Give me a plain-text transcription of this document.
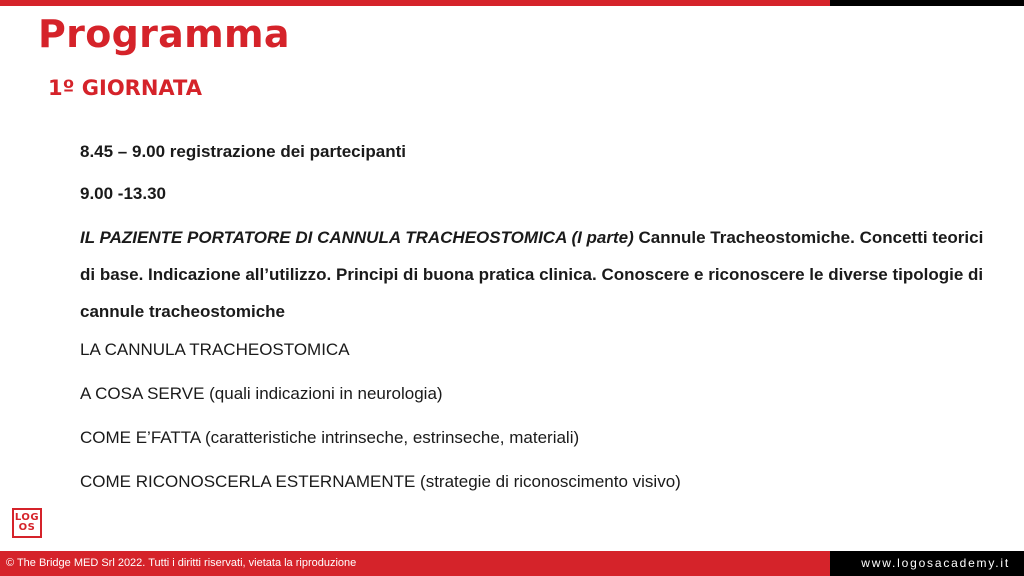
Programma
1º GIORNATA

8.45 – 9.00 registrazione dei partecipanti

9.00 -13.30

IL PAZIENTE PORTATORE DI CANNULA TRACHEOSTOMICA (I parte) Cannule Tracheostomiche. Concetti teorici di base. Indicazione all’utilizzo. Principi di buona pratica clinica. Conoscere e riconoscere le diverse tipologie di cannule tracheostomiche

LA CANNULA TRACHEOSTOMICA

A COSA SERVE (quali indicazioni in neurologia)

COME E’FATTA (caratteristiche intrinseche, estrinseche, materiali)

COME RICONOSCERLA ESTERNAMENTE (strategie di riconoscimento visivo)

LOG
OS
© The Bridge MED Srl 2022. Tutti i diritti riservati, vietata la riproduzione	www.logosacademy.it
